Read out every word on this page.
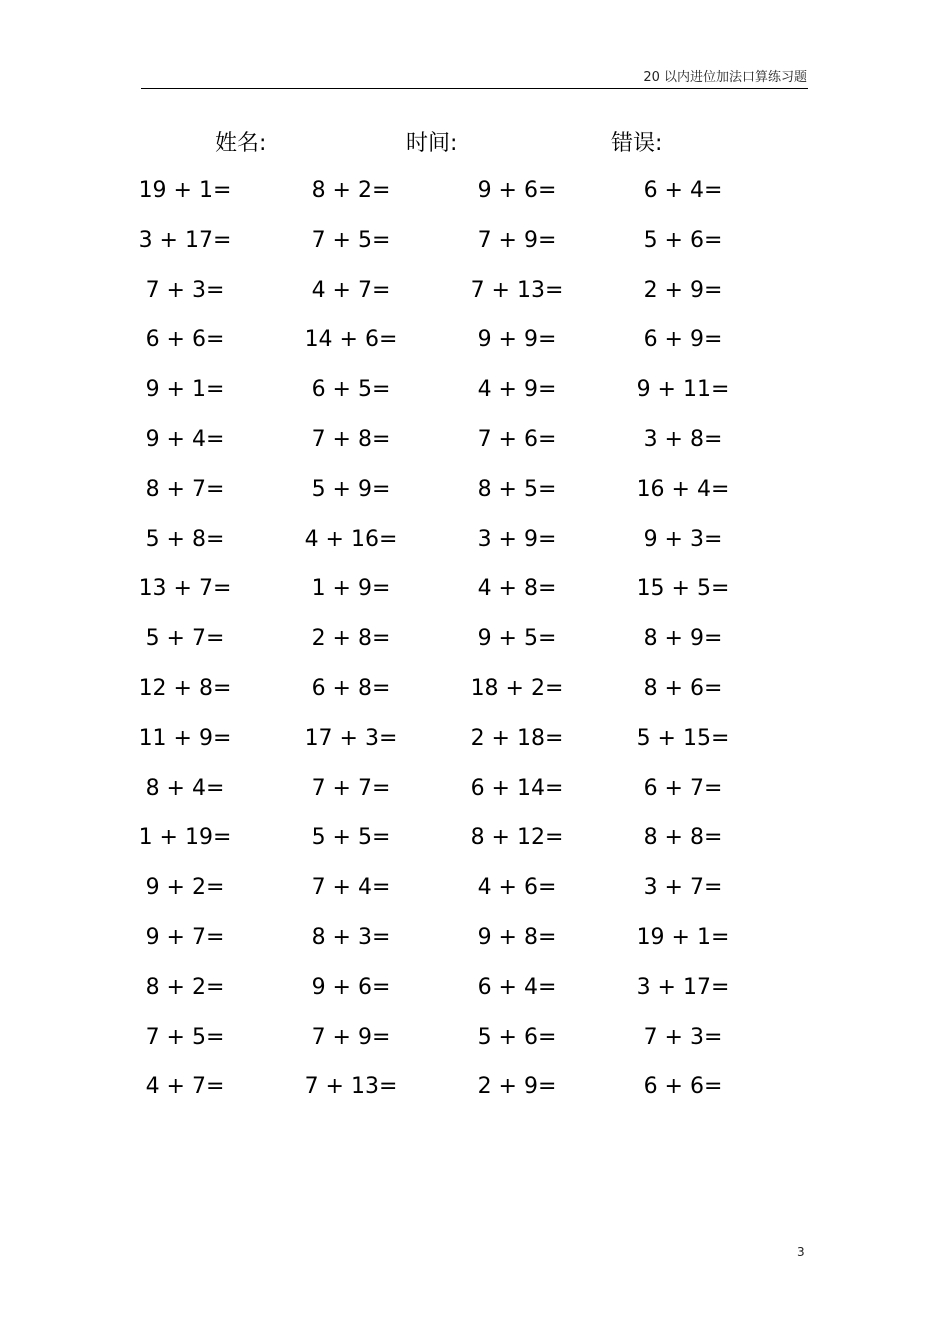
20 以内进位加法口算练习题
姓名:	时间:	错误:
19 + 1=	8 + 2=	9 + 6=	6 + 4=
3 + 17=	7 + 5=	7 + 9=	5 + 6=
7 + 3=	4 + 7=	7 + 13=	2 + 9=
6 + 6=	14 + 6=	9 + 9=	6 + 9=
9 + 1=	6 + 5=	4 + 9=	9 + 11=
9 + 4=	7 + 8=	7 + 6=	3 + 8=
8 + 7=	5 + 9=	8 + 5=	16 + 4=
5 + 8=	4 + 16=	3 + 9=	9 + 3=
13 + 7=	1 + 9=	4 + 8=	15 + 5=
5 + 7=	2 + 8=	9 + 5=	8 + 9=
12 + 8=	6 + 8=	18 + 2=	8 + 6=
11 + 9=	17 + 3=	2 + 18=	5 + 15=
8 + 4=	7 + 7=	6 + 14=	6 + 7=
1 + 19=	5 + 5=	8 + 12=	8 + 8=
9 + 2=	7 + 4=	4 + 6=	3 + 7=
9 + 7=	8 + 3=	9 + 8=	19 + 1=
8 + 2=	9 + 6=	6 + 4=	3 + 17=
7 + 5=	7 + 9=	5 + 6=	7 + 3=
4 + 7=	7 + 13=	2 + 9=	6 + 6=
3
